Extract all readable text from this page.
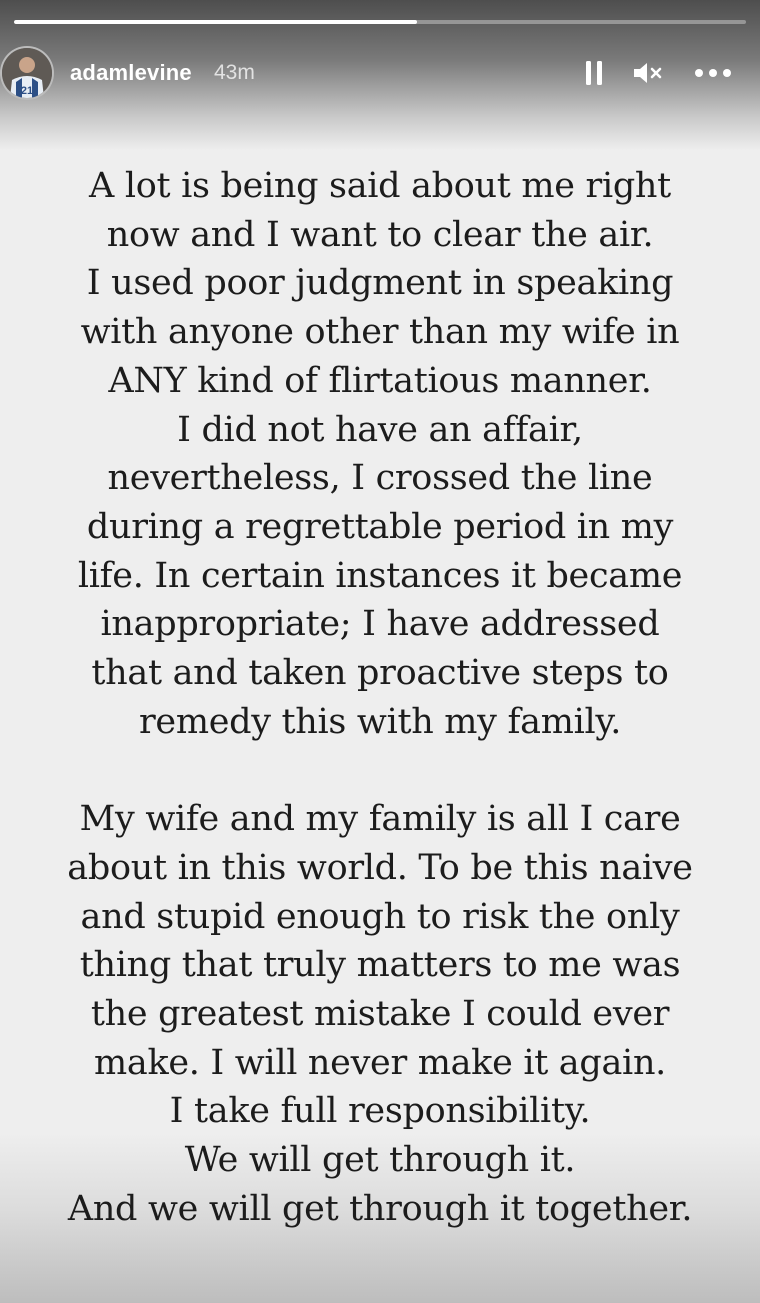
21
adamlevine 43m

A lot is being said about me right
now and I want to clear the air.
I used poor judgment in speaking
with anyone other than my wife in
ANY kind of flirtatious manner.
I did not have an affair,
nevertheless, I crossed the line
during a regrettable period in my
life. In certain instances it became
inappropriate; I have addressed
that and taken proactive steps to
remedy this with my family.

My wife and my family is all I care
about in this world. To be this naive
and stupid enough to risk the only
thing that truly matters to me was
the greatest mistake I could ever
make. I will never make it again.
I take full responsibility.
We will get through it.
And we will get through it together.
